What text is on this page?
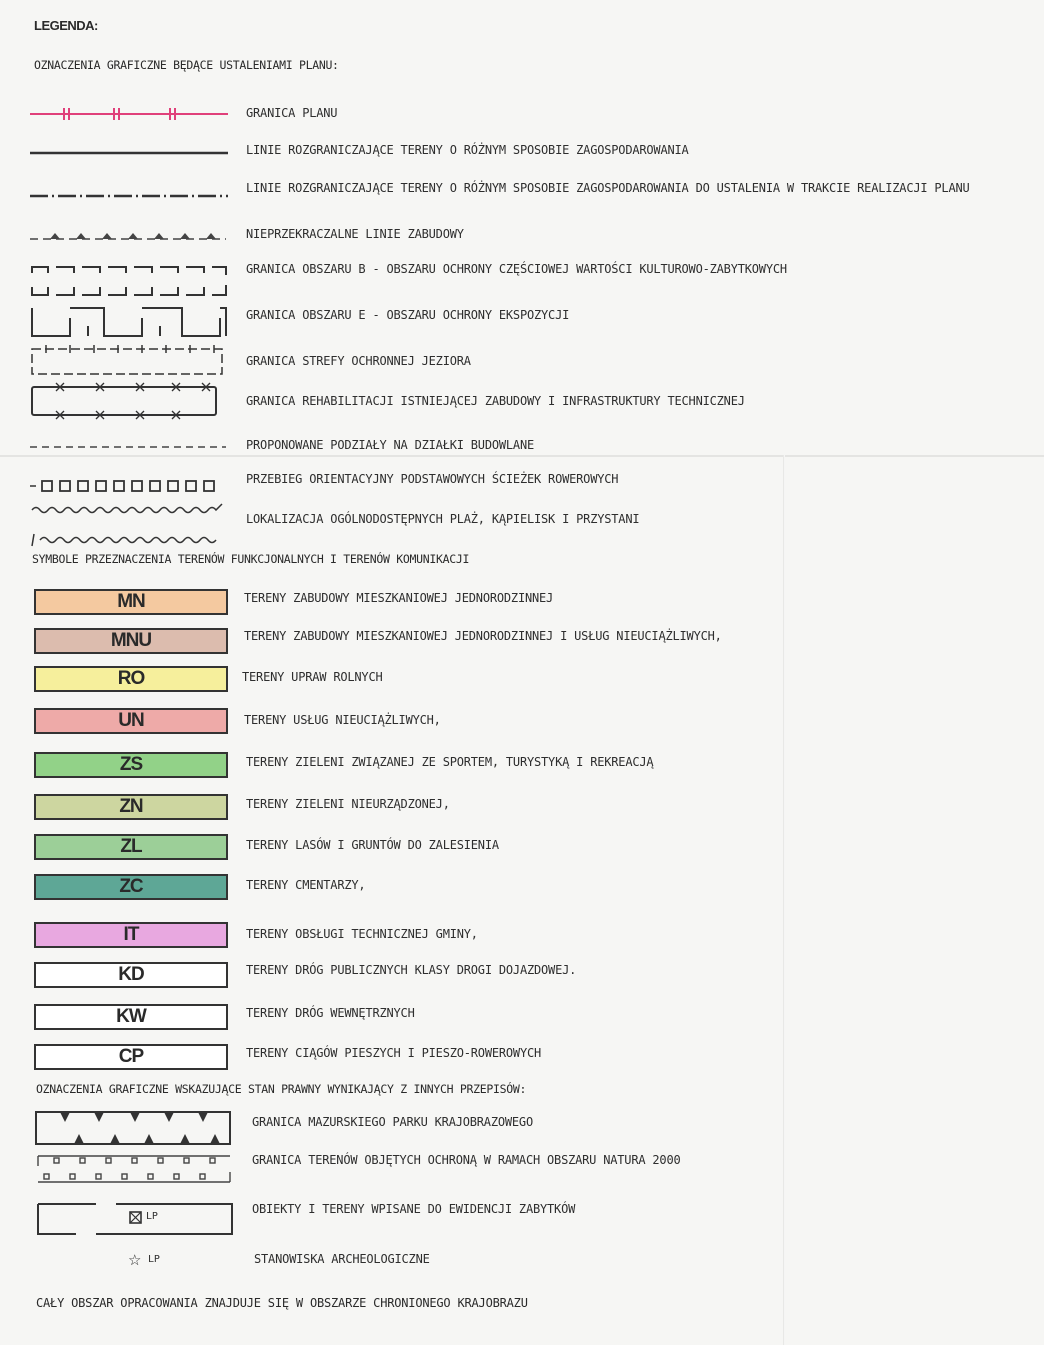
LEGENDA:
OZNACZENIA GRAFICZNE BĘDĄCE USTALENIAMI PLANU:
GRANICA PLANU
LINIE ROZGRANICZAJĄCE TERENY O RÓŻNYM SPOSOBIE ZAGOSPODAROWANIA
LINIE ROZGRANICZAJĄCE TERENY O RÓŻNYM SPOSOBIE ZAGOSPODAROWANIA DO USTALENIA W TRAKCIE REALIZACJI PLANU
NIEPRZEKRACZALNE LINIE ZABUDOWY
GRANICA OBSZARU B - OBSZARU OCHRONY CZĘŚCIOWEJ WARTOŚCI KULTUROWO-ZABYTKOWYCH
GRANICA OBSZARU E - OBSZARU OCHRONY EKSPOZYCJI
GRANICA STREFY OCHRONNEJ JEZIORA
GRANICA REHABILITACJI ISTNIEJĄCEJ ZABUDOWY I INFRASTRUKTURY TECHNICZNEJ
PROPONOWANE PODZIAŁY NA DZIAŁKI BUDOWLANE
PRZEBIEG ORIENTACYJNY PODSTAWOWYCH ŚCIEŻEK ROWEROWYCH
LOKALIZACJA OGÓLNODOSTĘPNYCH PLAŻ, KĄPIELISK I PRZYSTANI
SYMBOLE PRZEZNACZENIA TERENÓW FUNKCJONALNYCH I TERENÓW KOMUNIKACJI
MN	TERENY ZABUDOWY MIESZKANIOWEJ JEDNORODZINNEJ
MNU	TERENY ZABUDOWY MIESZKANIOWEJ JEDNORODZINNEJ I USŁUG NIEUCIĄŻLIWYCH,
RO	TERENY UPRAW ROLNYCH
UN	TERENY USŁUG NIEUCIĄŻLIWYCH,
ZS	TERENY ZIELENI ZWIĄZANEJ ZE SPORTEM, TURYSTYKĄ I REKREACJĄ
ZN	TERENY ZIELENI NIEURZĄDZONEJ,
ZL	TERENY LASÓW I GRUNTÓW DO ZALESIENIA
ZC	TERENY CMENTARZY,
IT	TERENY OBSŁUGI TECHNICZNEJ GMINY,
KD	TERENY DRÓG PUBLICZNYCH KLASY DROGI DOJAZDOWEJ.
KW	TERENY DRÓG WEWNĘTRZNYCH
CP	TERENY CIĄGÓW PIESZYCH I PIESZO-ROWEROWYCH
OZNACZENIA GRAFICZNE WSKAZUJĄCE STAN PRAWNY WYNIKAJĄCY Z INNYCH PRZEPISÓW:
GRANICA MAZURSKIEGO PARKU KRAJOBRAZOWEGO
GRANICA TERENÓW OBJĘTYCH OCHRONĄ W RAMACH OBSZARU NATURA 2000
LP
OBIEKTY I TERENY WPISANE DO EWIDENCJI ZABYTKÓW
☆ LP	STANOWISKA ARCHEOLOGICZNE
CAŁY OBSZAR OPRACOWANIA ZNAJDUJE SIĘ W OBSZARZE CHRONIONEGO KRAJOBRAZU
